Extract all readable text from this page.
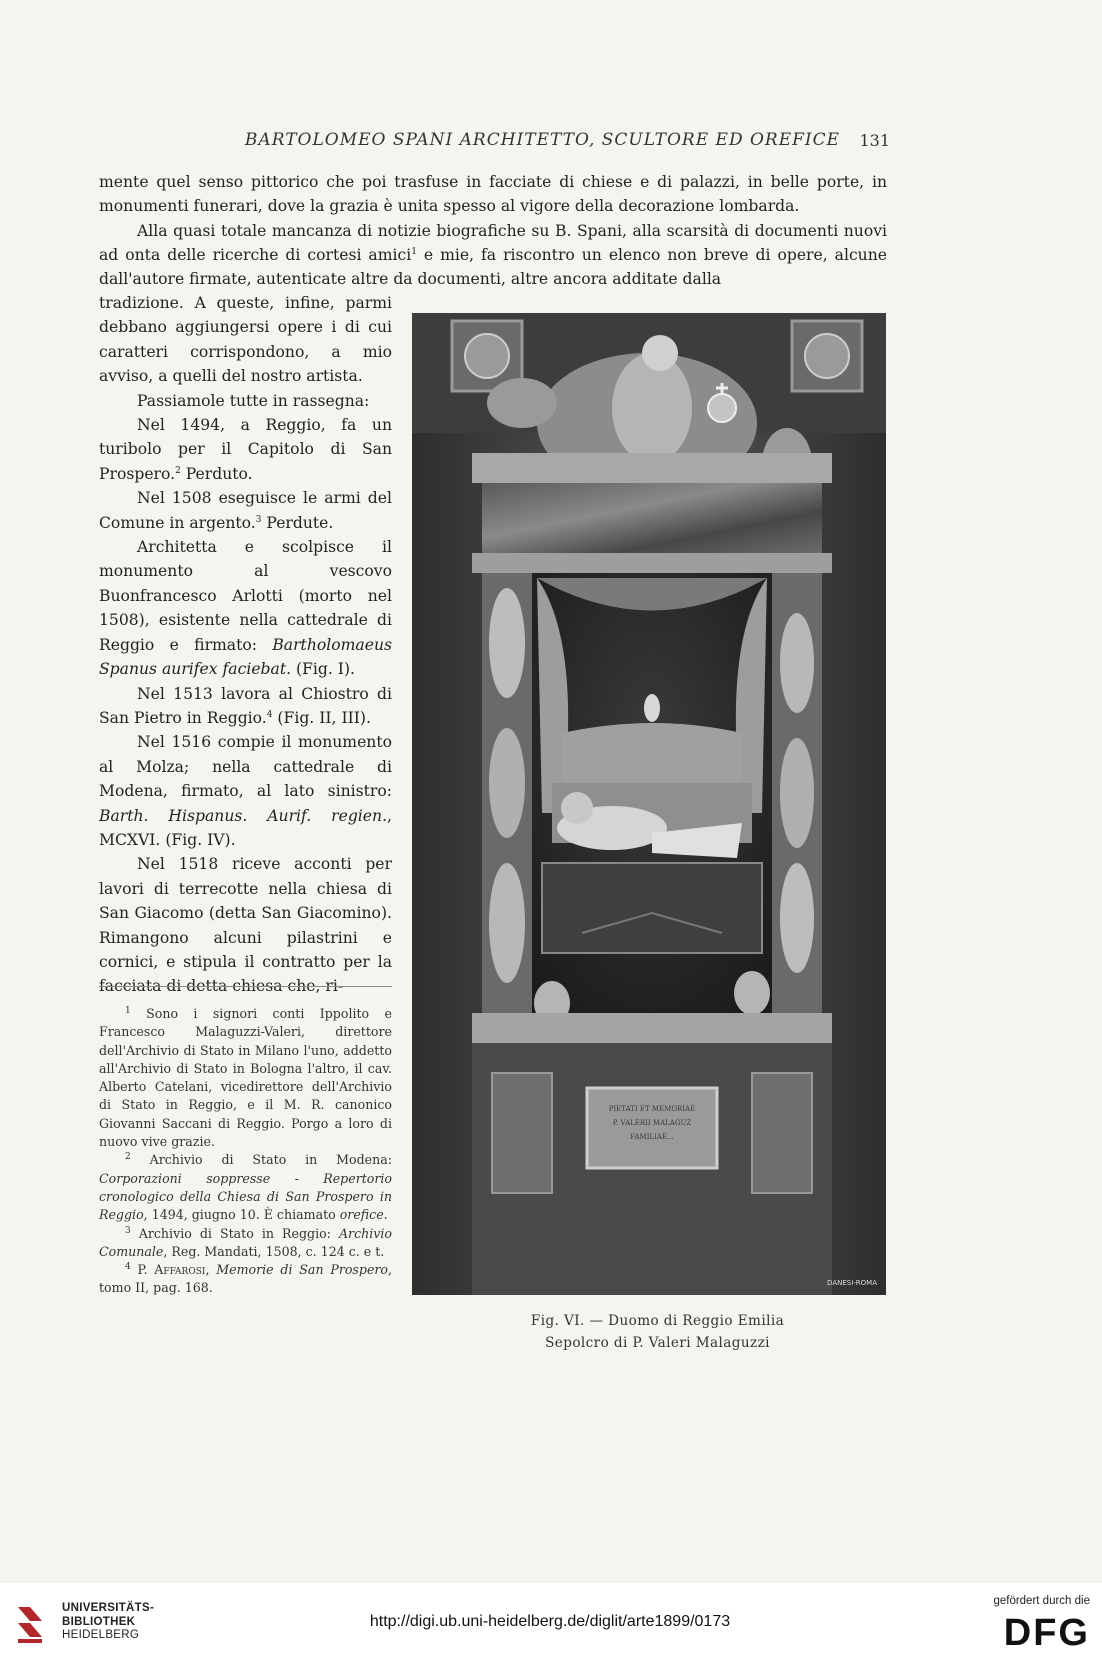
BARTOLOMEO SPANI ARCHITETTO, SCULTORE ED OREFICE	131

mente quel senso pittorico che poi trasfuse in facciate di chiese e di palazzi, in belle porte, in monumenti funerari, dove la grazia è unita spesso al vigore della decorazione lombarda.

Alla quasi totale mancanza di notizie biografiche su B. Spani, alla scarsità di documenti nuovi ad onta delle ricerche di cortesi amici$^1$ e mie, fa riscontro un elenco non breve di opere, alcune dall'autore firmate, autenticate altre da documenti, altre ancora additate dalla

tradizione. A queste, infine, parmi debbano aggiungersi opere i di cui caratteri corrispondono, a mio avviso, a quelli del nostro artista.

Passiamole tutte in rassegna:

Nel 1494, a Reggio, fa un turibolo per il Capitolo di San Prospero.$^2$ Perduto.

Nel 1508 eseguisce le armi del Comune in argento.$^3$ Perdute.

Architetta e scolpisce il monumento al vescovo Buonfrancesco Arlotti (morto nel 1508), esistente nella cattedrale di Reggio e firmato: Bartholomaeus Spanus aurifex faciebat. (Fig. I).

Nel 1513 lavora al Chiostro di San Pietro in Reggio.$^4$ (Fig. II, III).

Nel 1516 compie il monumento al Molza; nella cattedrale di Modena, firmato, al lato sinistro: Barth. Hispanus. Aurif. regien., MCXVI. (Fig. IV).

Nel 1518 riceve acconti per lavori di terrecotte nella chiesa di San Giacomo (detta San Giacomino). Rimangono alcuni pilastrini e cornici, e stipula il contratto per la facciata di detta chiesa che, ri-

$^1$ Sono i signori conti Ippolito e Francesco Malaguzzi-Valeri, direttore dell'Archivio di Stato in Milano l'uno, addetto all'Archivio di Stato in Bologna l'altro, il cav. Alberto Catelani, vicedirettore dell'Archivio di Stato in Reggio, e il M. R. canonico Giovanni Saccani di Reggio. Porgo a loro di nuovo vive grazie.

$^2$ Archivio di Stato in Modena: Corporazioni soppresse - Repertorio cronologico della Chiesa di San Prospero in Reggio, 1494, giugno 10. È chiamato orefice.

$^3$ Archivio di Stato in Reggio: Archivio Comunale, Reg. Mandati, 1508, c. 124 c. e t.

$^4$ P. Affarosi, Memorie di San Prospero, tomo II, pag. 168.

PIETATI ET MEMORIAE
P. VALERII MALAGUZ
FAMILIAE...
DANESI-ROMA
Fig. VI. — Duomo di Reggio Emilia
Sepolcro di P. Valeri Malaguzzi
UNIVERSITÄTS-
BIBLIOTHEK
HEIDELBERG
http://digi.ub.uni-heidelberg.de/diglit/arte1899/0173
gefördert durch die
DFG
